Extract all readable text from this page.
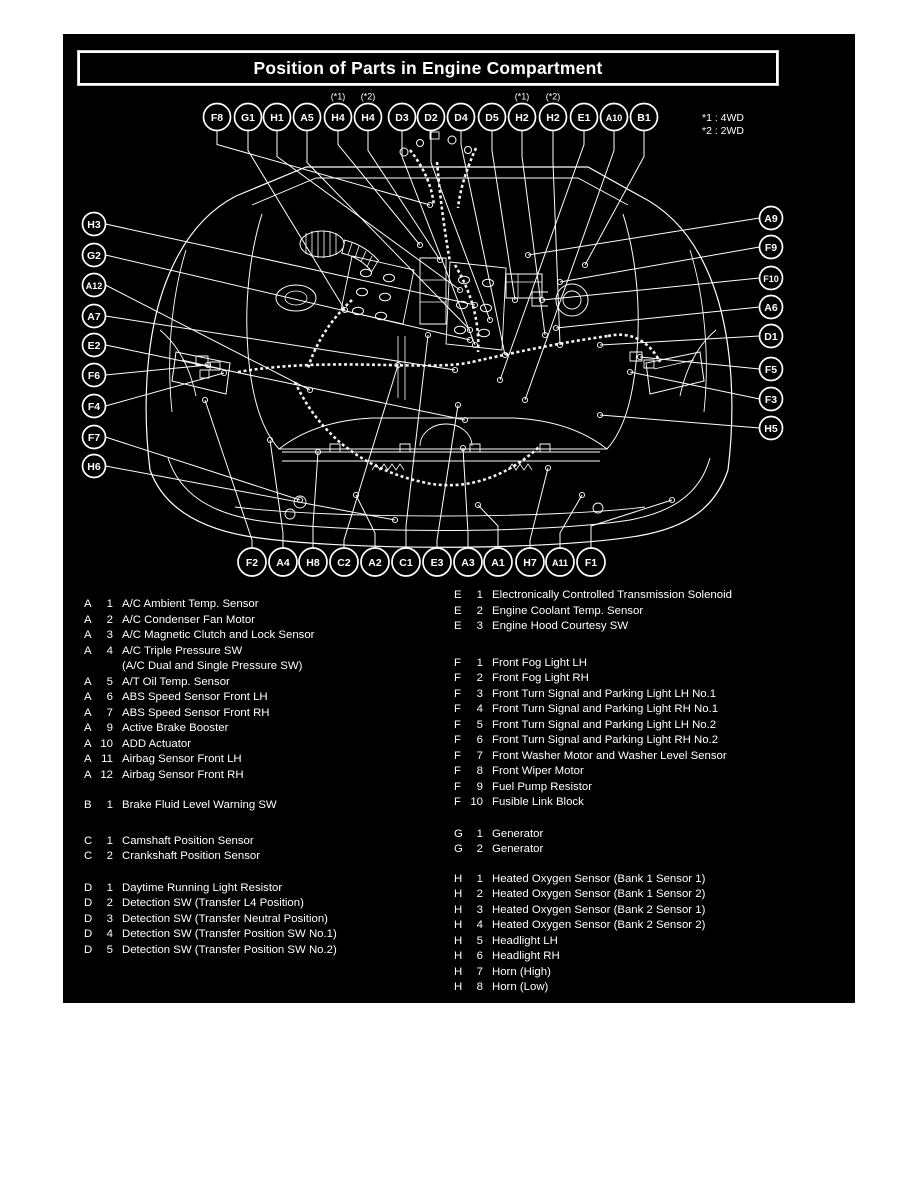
Position of Parts in Engine Compartment
*1 : 4WD
*2 : 2WD
F8 G1 H1 A5 H4
(*1)
H4
(*2)
D3 D2 D4 D5 H2
(*1)
H2
(*2)
E1 A10 B1
H3
G2
A12
A7
E2
F6
F4
F7
H6
A9
F9
F10
A6
D1
F5
F3
H5
F2 A4 H8 C2 A2 C1 E3 A3 A1 H7 A11 F1
A	1 A/C Ambient Temp. Sensor
A	2 A/C Condenser Fan Motor
A	3 A/C Magnetic Clutch and Lock Sensor
A	4 A/C Triple Pressure SW
(A/C Dual and Single Pressure SW)
A	5 A/T Oil Temp. Sensor
A	6 ABS Speed Sensor Front LH
A	7 ABS Speed Sensor Front RH
A	9 Active Brake Booster
A 10 ADD Actuator
A 11 Airbag Sensor Front LH
A 12 Airbag Sensor Front RH
B	1 Brake Fluid Level Warning SW
C	1 Camshaft Position Sensor
C	2 Crankshaft Position Sensor
D	1 Daytime Running Light Resistor
D	2 Detection SW (Transfer L4 Position)
D	3 Detection SW (Transfer Neutral Position)
D	4 Detection SW (Transfer Position SW No.1)
D	5 Detection SW (Transfer Position SW No.2)
E	1 Electronically Controlled Transmission Solenoid
E	2 Engine Coolant Temp. Sensor
E	3 Engine Hood Courtesy SW
F	1 Front Fog Light LH
F	2 Front Fog Light RH
F	3 Front Turn Signal and Parking Light LH No.1
F	4 Front Turn Signal and Parking Light RH No.1
F	5 Front Turn Signal and Parking Light LH No.2
F	6 Front Turn Signal and Parking Light RH No.2
F	7 Front Washer Motor and Washer Level Sensor
F	8 Front Wiper Motor
F	9 Fuel Pump Resistor
F 10 Fusible Link Block
G	1 Generator
G	2 Generator
H	1 Heated Oxygen Sensor (Bank 1 Sensor 1)
H	2 Heated Oxygen Sensor (Bank 1 Sensor 2)
H	3 Heated Oxygen Sensor (Bank 2 Sensor 1)
H	4 Heated Oxygen Sensor (Bank 2 Sensor 2)
H	5 Headlight LH
H	6 Headlight RH
H	7 Horn (High)
H	8 Horn (Low)
